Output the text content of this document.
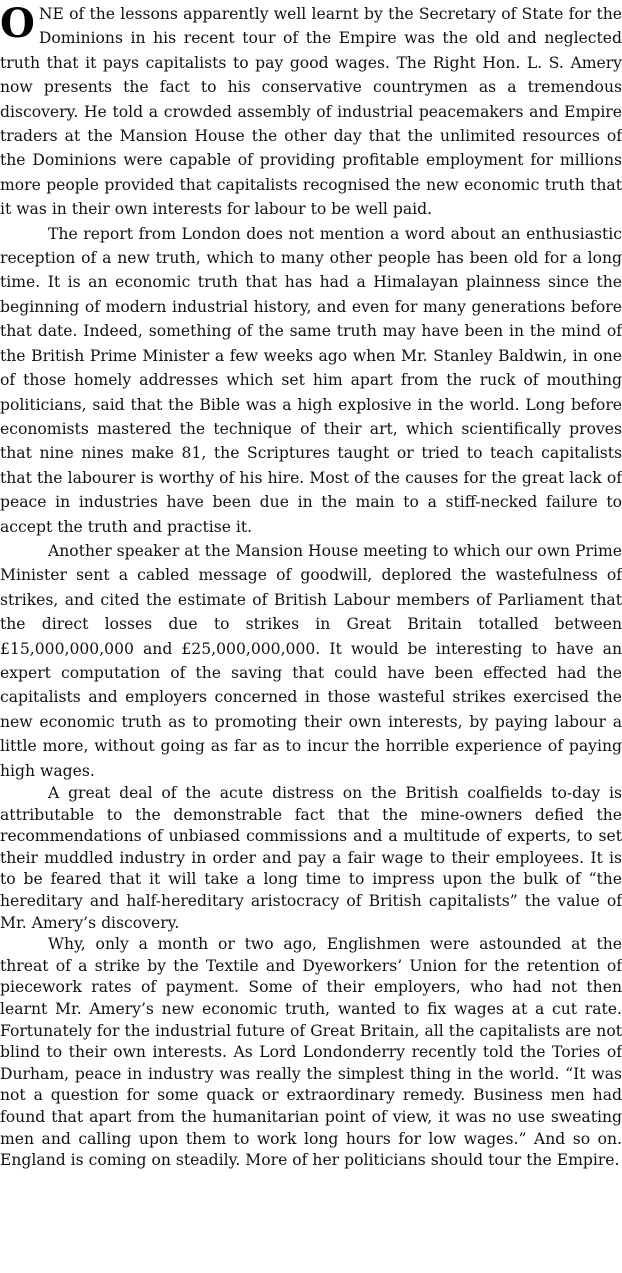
ONE of the lessons apparently well learnt by the Secretary of State for the Dominions in his recent tour of the Empire was the old and neglected truth that it pays capitalists to pay good wages. The Right Hon. L. S. Amery now presents the fact to his conservative countrymen as a tremendous discovery. He told a crowded assembly of industrial peacemakers and Empire traders at the Mansion House the other day that the unlimited resources of the Dominions were capable of providing profitable employment for millions more people provided that capitalists recognised the new economic truth that it was in their own interests for labour to be well paid.

The report from London does not mention a word about an enthusiastic reception of a new truth, which to many other people has been old for a long time. It is an economic truth that has had a Himalayan plainness since the beginning of modern industrial history, and even for many generations before that date. Indeed, something of the same truth may have been in the mind of the British Prime Minister a few weeks ago when Mr. Stanley Baldwin, in one of those homely addresses which set him apart from the ruck of mouthing politicians, said that the Bible was a high explosive in the world. Long before economists mastered the technique of their art, which scientifically proves that nine nines make 81, the Scriptures taught or tried to teach capitalists that the labourer is worthy of his hire. Most of the causes for the great lack of peace in industries have been due in the main to a stiff-necked failure to accept the truth and practise it.

Another speaker at the Mansion House meeting to which our own Prime Minister sent a cabled message of goodwill, deplored the wastefulness of strikes, and cited the estimate of British Labour members of Parliament that the direct losses due to strikes in Great Britain totalled between £15,000,000,000 and £25,000,000,000. It would be interesting to have an expert computation of the saving that could have been effected had the capitalists and employers concerned in those wasteful strikes exercised the new economic truth as to promoting their own interests, by paying labour a little more, without going as far as to incur the horrible experience of paying high wages.

A great deal of the acute distress on the British coalfields to-day is attributable to the demonstrable fact that the mine-owners defied the recommendations of unbiased commissions and a multitude of experts, to set their muddled industry in order and pay a fair wage to their employees. It is to be feared that it will take a long time to impress upon the bulk of “the hereditary and half-hereditary aristocracy of British capitalists” the value of Mr. Amery’s discovery.

Why, only a month or two ago, Englishmen were astounded at the threat of a strike by the Textile and Dyeworkers’ Union for the retention of piecework rates of payment. Some of their employers, who had not then learnt Mr. Amery’s new economic truth, wanted to fix wages at a cut rate. Fortunately for the industrial future of Great Britain, all the capitalists are not blind to their own interests. As Lord Londonderry recently told the Tories of Durham, peace in industry was really the simplest thing in the world. “It was not a question for some quack or extraordinary remedy. Business men had found that apart from the humanitarian point of view, it was no use sweating men and calling upon them to work long hours for low wages.” And so on. England is coming on steadily. More of her politicians should tour the Empire.
